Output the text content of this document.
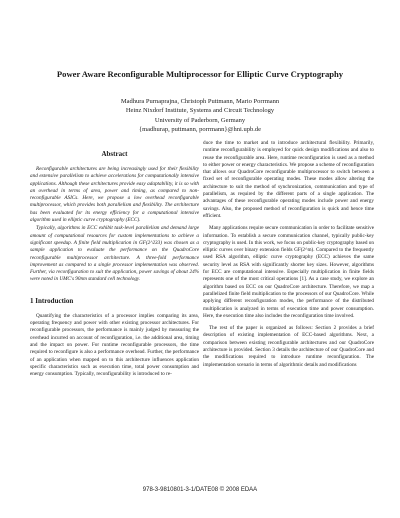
Power Aware Reconfigurable Multiprocessor for Elliptic Curve Cryptography
Madhura Purnaprajna, Christoph Puttmann, Mario Porrmann
Heinz Nixdorf Institute, Systems and Circuit Technology
University of Paderborn, Germany
{madhurap, puttmann, porrmann}@hni.upb.de
Abstract

Reconfigurable architectures are being increasingly used for their flexibility and extensive parallelism to achieve accelerations for computationally intensive applications. Although these architectures provide easy adaptability, it is so with an overhead in terms of area, power and timing, as compared to non-reconfigurable ASICs. Here, we propose a low overhead reconfigurable multiprocessor, which provides both parallelism and flexibility. The architecture has been evaluated for its energy efficiency for a computational intensive algorithm used in elliptic curve cryptography (ECC).

Typically, algorithms in ECC exhibit task-level parallelism and demand large amount of computational resources for custom implementations to achieve a significant speedup. A finite field multiplication in GF(2^233) was chosen as a sample application to evaluate the performance on the QuadroCore reconfigurable multiprocessor architecture. A three-fold performance improvement as compared to a single processor implementation was observed. Further, via reconfiguration to suit the application, power savings of about 24% were noted in UMC's 90nm standard cell technology.

1 Introduction

Quantifying the characteristics of a processor implies comparing its area, operating frequency and power with other existing processor architectures. For reconfigurable processors, the performance is mainly judged by measuring the overhead incurred on account of reconfiguration, i.e. the additional area, timing and the impact on power. For runtime reconfigurable processors, the time required to reconfigure is also a performance overhead. Further, the performance of an application when mapped on to this architecture influences application specific characteristics such as execution time, total power consumption and energy consumption. Typically, reconfigurability is introduced to re-

duce the time to market and to introduce architectural flexibility. Primarily, runtime reconfigurability is employed for quick design modifications and also to reuse the reconfigurable area. Here, runtime reconfiguration is used as a method to either power or energy characteristics. We propose a scheme of reconfiguration that allows our QuadroCore reconfigurable multiprocessor to switch between a fixed set of reconfigurable operating modes. These modes allow altering the architecture to suit the method of synchronization, communication and type of parallelism, as required by the different parts of a single application. The advantages of these reconfigurable operating modes include power and energy savings. Also, the proposed method of reconfiguration is quick and hence time efficient.

Many applications require secure communication in order to facilitate sensitive information. To establish a secure communication channel, typically public-key cryptography is used. In this work, we focus on public-key cryptography based on elliptic curves over binary extension fields GF(2^m). Compared to the frequently used RSA algorithm, elliptic curve cryptography (ECC) achieves the same security level as RSA with significantly shorter key sizes. However, algorithms for ECC are computational intensive. Especially multiplication in finite fields represents one of the most critical operations [1]. As a case study, we explore an algorithm based on ECC on our QuadroCore architecture. Therefore, we map a parallelized finite field multiplication to the processors of our QuadroCore. While applying different reconfiguration modes, the performance of the distributed multiplication is analyzed in terms of execution time and power consumption. Here, the execution time also includes the reconfiguration time involved.

The rest of the paper is organized as follows: Section 2 provides a brief description of existing implementation of ECC-based algorithms. Next, a comparison between existing reconfigurable architectures and our QuadroCore architecture is provided. Section 3 details the architecture of our QuadroCore and the modifications required to introduce runtime reconfiguration. The implementation scenario in terms of algorithmic details and modifications

978-3-9810801-3-1/DATE08 © 2008 EDAA
